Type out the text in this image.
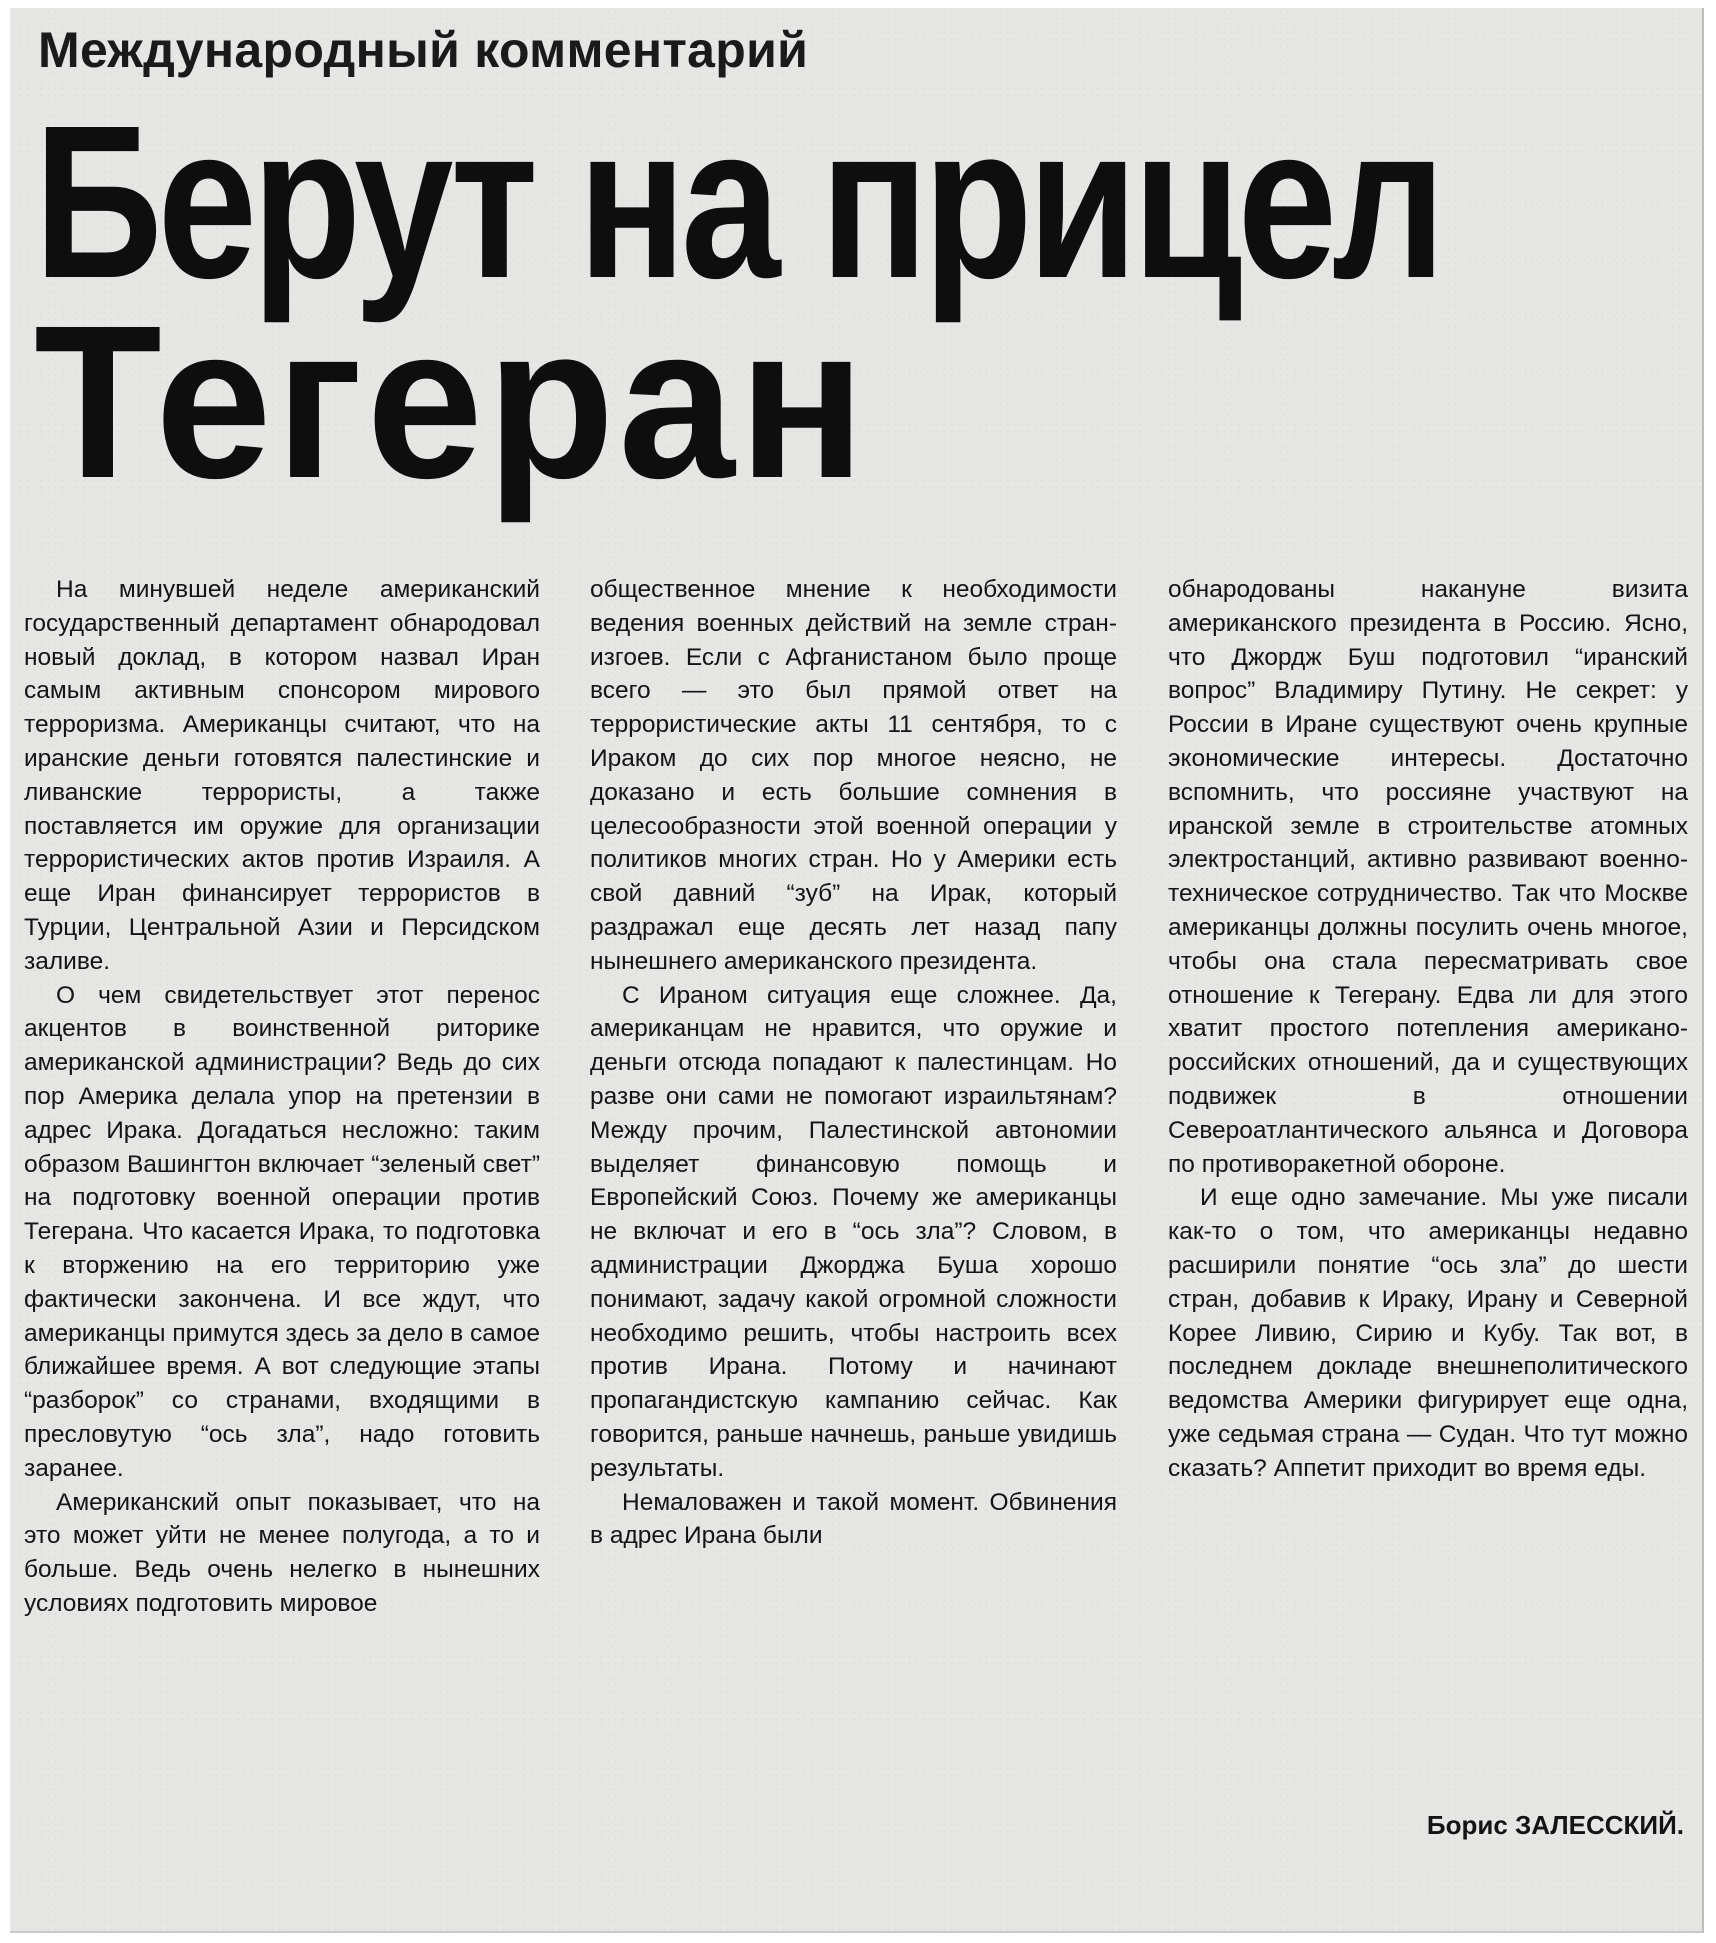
Международный комментарий
Берут на прицел
Тегеран

На минувшей неделе американский государственный департамент обнародовал новый доклад, в котором назвал Иран самым активным спонсором мирового терроризма. Американцы считают, что на иранские деньги готовятся палестинские и ливанские террористы, а также поставляется им оружие для организации террористических актов против Израиля. А еще Иран финансирует террористов в Турции, Центральной Азии и Персидском заливе.

О чем свидетельствует этот перенос акцентов в воинственной риторике американской администрации? Ведь до сих пор Америка делала упор на претензии в адрес Ирака. Догадаться несложно: таким образом Вашингтон включает “зеленый свет” на подготовку военной операции против Тегерана. Что касается Ирака, то подготовка к вторжению на его территорию уже фактически закончена. И все ждут, что американцы примутся здесь за дело в самое ближайшее время. А вот следующие этапы “разборок” со странами, входящими в пресловутую “ось зла”, надо готовить заранее.

Американский опыт показывает, что на это может уйти не менее полугода, а то и больше. Ведь очень нелегко в нынешних условиях подготовить мировое

общественное мнение к необходимости ведения военных действий на земле стран-изгоев. Если с Афганистаном было проще всего — это был прямой ответ на террористические акты 11 сентября, то с Ираком до сих пор многое неясно, не доказано и есть большие сомнения в целесообразности этой военной операции у политиков многих стран. Но у Америки есть свой давний “зуб” на Ирак, который раздражал еще десять лет назад папу нынешнего американского президента.

С Ираном ситуация еще сложнее. Да, американцам не нравится, что оружие и деньги отсюда попадают к палестинцам. Но разве они сами не помогают израильтянам? Между прочим, Палестинской автономии выделяет финансовую помощь и Европейский Союз. Почему же американцы не включат и его в “ось зла”? Словом, в администрации Джорджа Буша хорошо понимают, задачу какой огромной сложности необходимо решить, чтобы настроить всех против Ирана. Потому и начинают пропагандистскую кампанию сейчас. Как говорится, раньше начнешь, раньше увидишь результаты.

Немаловажен и такой момент. Обвинения в адрес Ирана были

обнародованы накануне визита американского президента в Россию. Ясно, что Джордж Буш подготовил “иранский вопрос” Владимиру Путину. Не секрет: у России в Иране существуют очень крупные экономические интересы. Достаточно вспомнить, что россияне участвуют на иранской земле в строительстве атомных электростанций, активно развивают военно-техническое сотрудничество. Так что Москве американцы должны посулить очень многое, чтобы она стала пересматривать свое отношение к Тегерану. Едва ли для этого хватит простого потепления американо-российских отношений, да и существующих подвижек в отношении Североатлантического альянса и Договора по противоракетной обороне.

И еще одно замечание. Мы уже писали как-то о том, что американцы недавно расширили понятие “ось зла” до шести стран, добавив к Ираку, Ирану и Северной Корее Ливию, Сирию и Кубу. Так вот, в последнем докладе внешнеполитического ведомства Америки фигурирует еще одна, уже седьмая страна — Судан. Что тут можно сказать? Аппетит приходит во время еды.

Борис ЗАЛЕССКИЙ.
